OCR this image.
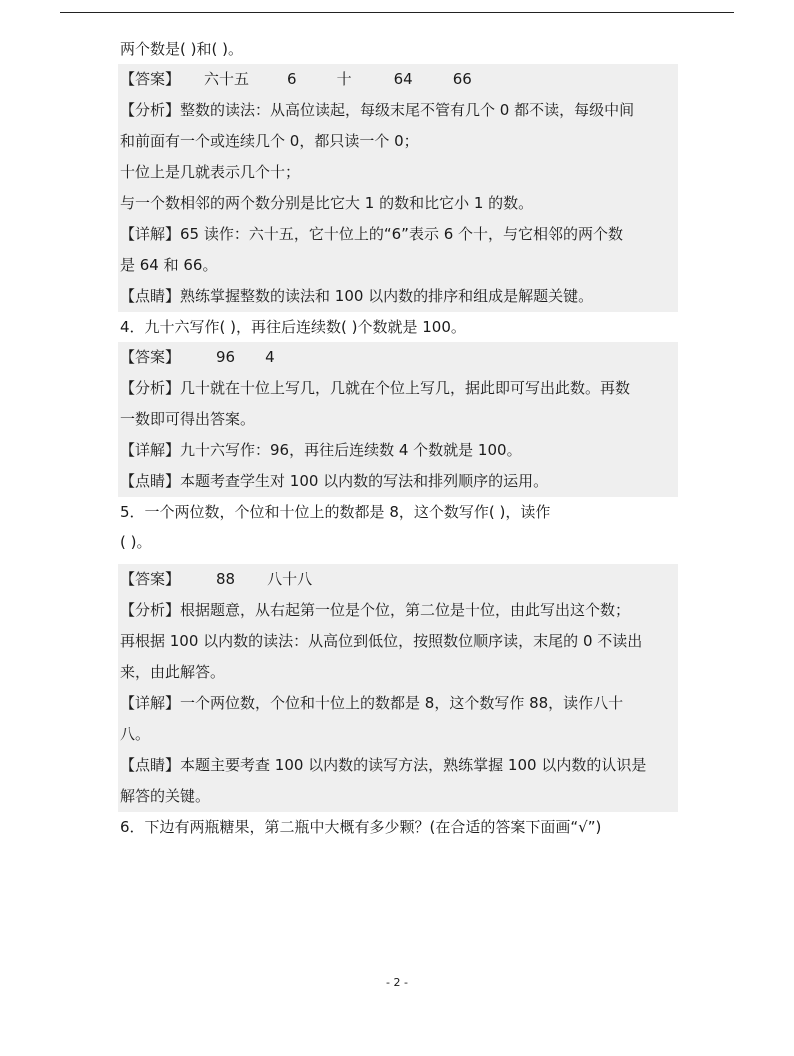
两个数是( )和( )。
【答案】 六十五	6	十	64	66
【分析】整数的读法：从高位读起，每级末尾不管有几个 0 都不读，每级中间
和前面有一个或连续几个 0，都只读一个 0；
十位上是几就表示几个十；
与一个数相邻的两个数分别是比它大 1 的数和比它小 1 的数。
【详解】65 读作：六十五，它十位上的“6”表示 6 个十，与它相邻的两个数
是 64 和 66。
【点睛】熟练掌握整数的读法和 100 以内数的排序和组成是解题关键。
4．九十六写作( )，再往后连续数( )个数就是 100。
【答案】 96 4
【分析】几十就在十位上写几，几就在个位上写几，据此即可写出此数。再数
一数即可得出答案。
【详解】九十六写作：96，再往后连续数 4 个数就是 100。
【点睛】本题考查学生对 100 以内数的写法和排列顺序的运用。
5．一个两位数，个位和十位上的数都是 8，这个数写作( )，读作
( )。
【答案】 88 八十八
【分析】根据题意，从右起第一位是个位，第二位是十位，由此写出这个数；
再根据 100 以内数的读法：从高位到低位，按照数位顺序读，末尾的 0 不读出
来，由此解答。
【详解】一个两位数，个位和十位上的数都是 8，这个数写作 88，读作八十
八。
【点睛】本题主要考查 100 以内数的读写方法，熟练掌握 100 以内数的认识是
解答的关键。
6．下边有两瓶糖果，第二瓶中大概有多少颗？(在合适的答案下面画“√”)
- 2 -
